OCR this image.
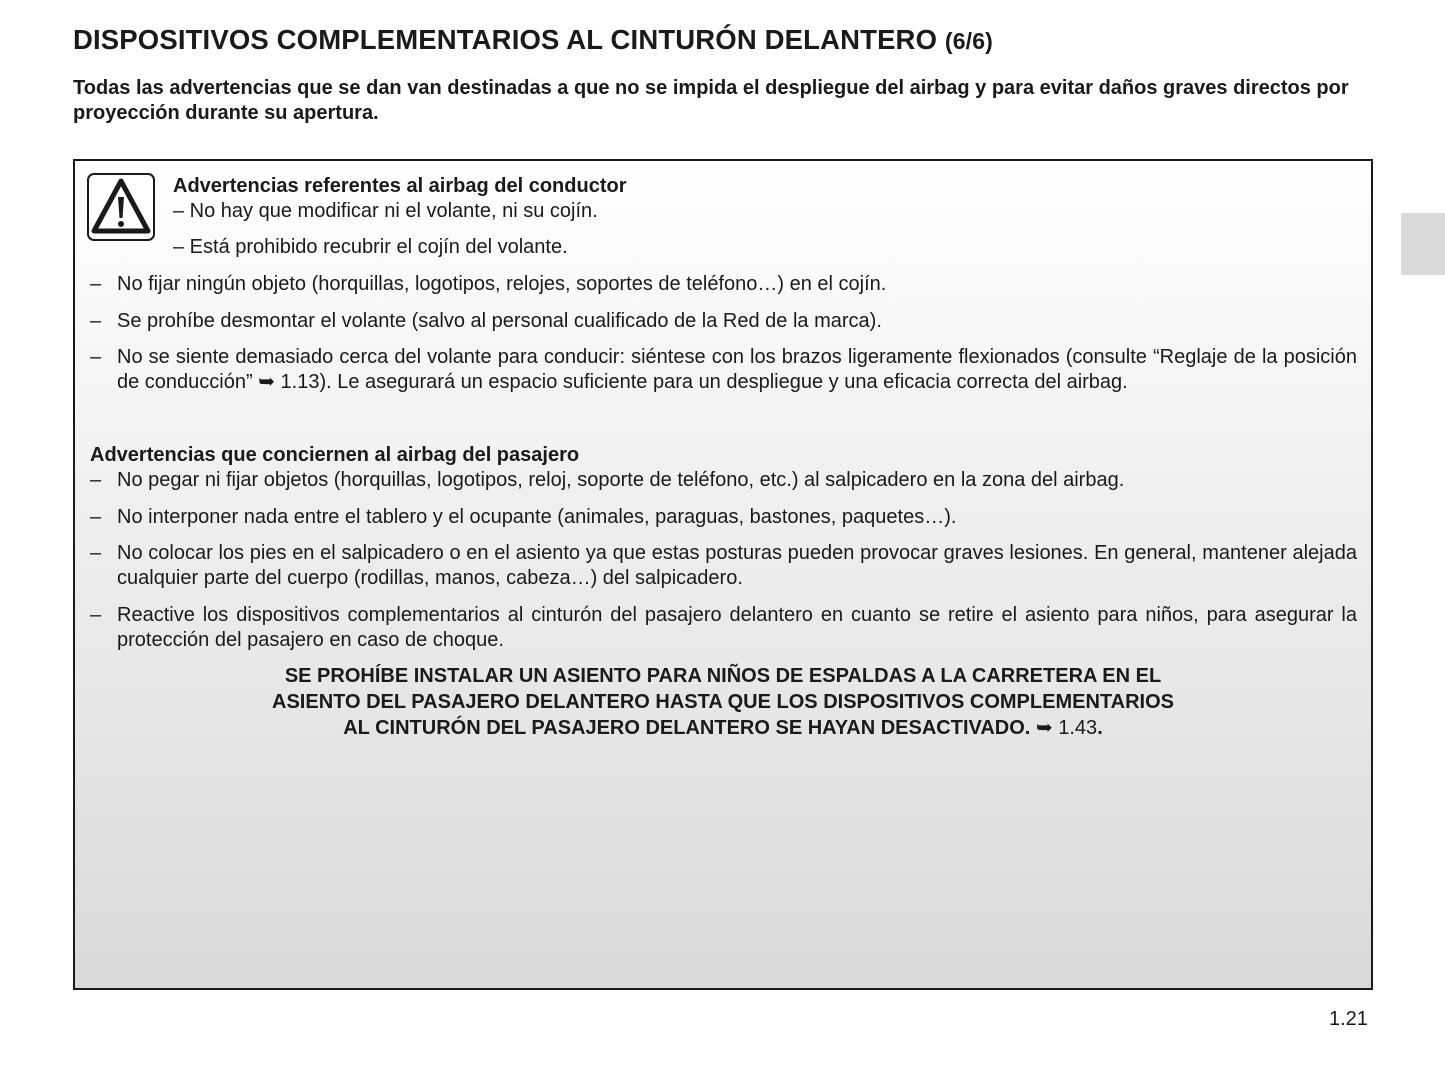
DISPOSITIVOS COMPLEMENTARIOS AL CINTURÓN DELANTERO (6/6)

Todas las advertencias que se dan van destinadas a que no se impida el despliegue del airbag y para evitar daños graves directos por proyección durante su apertura.

Advertencias referentes al airbag del conductor
– No hay que modificar ni el volante, ni su cojín.
– Está prohibido recubrir el cojín del volante.
– No fijar ningún objeto (horquillas, logotipos, relojes, soportes de teléfono…) en el cojín.
– Se prohíbe desmontar el volante (salvo al personal cualificado de la Red de la marca).
– No se siente demasiado cerca del volante para conducir: siéntese con los brazos ligeramente flexionados (consulte “Reglaje de la posición de conducción” ➥ 1.13). Le asegurará un espacio suficiente para un despliegue y una eficacia correcta del airbag.
Advertencias que conciernen al airbag del pasajero
– No pegar ni fijar objetos (horquillas, logotipos, reloj, soporte de teléfono, etc.) al salpicadero en la zona del airbag.
– No interponer nada entre el tablero y el ocupante (animales, paraguas, bastones, paquetes…).
– No colocar los pies en el salpicadero o en el asiento ya que estas posturas pueden provocar graves lesiones. En general, mantener alejada cualquier parte del cuerpo (rodillas, manos, cabeza…) del salpicadero.
– Reactive los dispositivos complementarios al cinturón del pasajero delantero en cuanto se retire el asiento para niños, para asegurar la protección del pasajero en caso de choque.
SE PROHÍBE INSTALAR UN ASIENTO PARA NIÑOS DE ESPALDAS A LA CARRETERA EN EL
ASIENTO DEL PASAJERO DELANTERO HASTA QUE LOS DISPOSITIVOS COMPLEMENTARIOS
AL CINTURÓN DEL PASAJERO DELANTERO SE HAYAN DESACTIVADO. ➥ 1.43.
1.21
